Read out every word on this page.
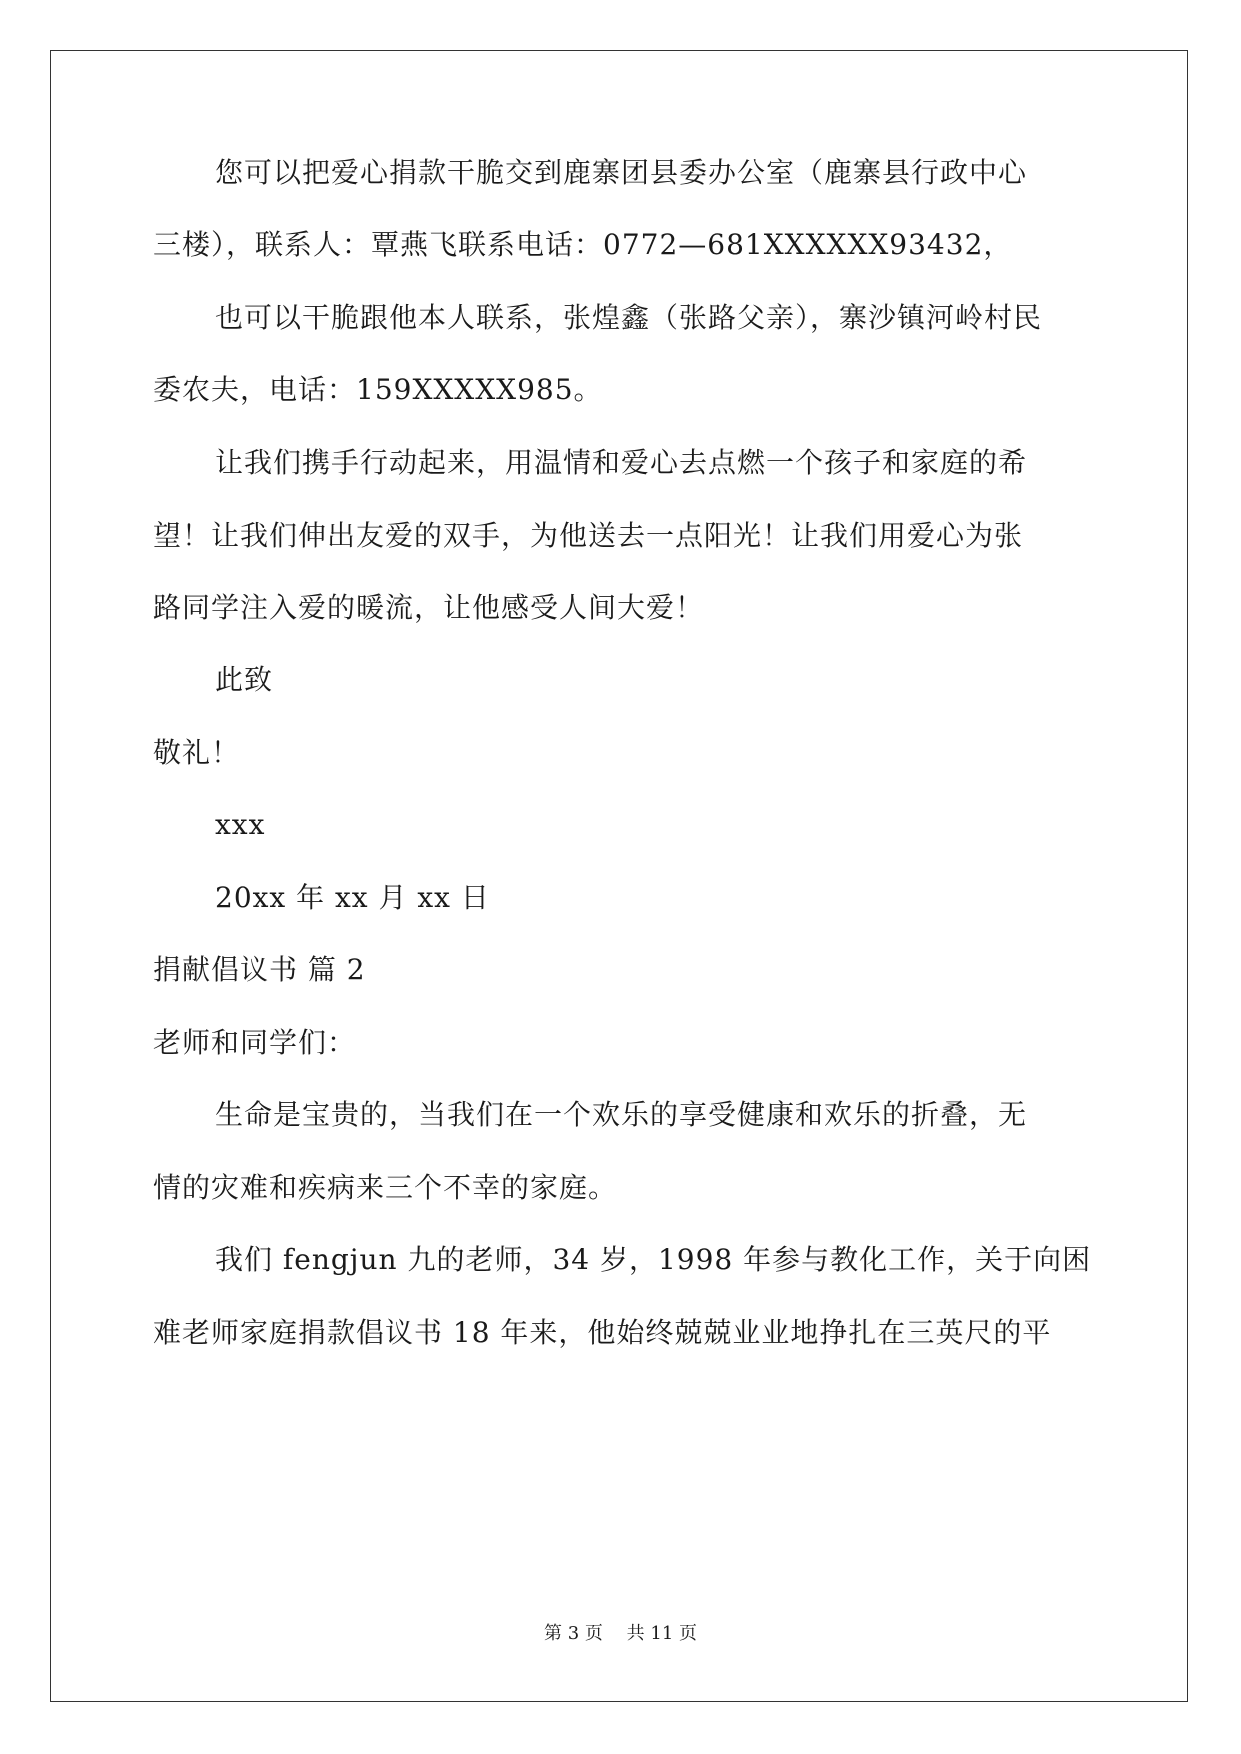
您可以把爱心捐款干脆交到鹿寨团县委办公室（鹿寨县行政中心
三楼），联系人：覃燕飞联系电话：0772—681XXXXXX93432，
也可以干脆跟他本人联系，张煌鑫（张路父亲），寨沙镇河岭村民
委农夫，电话：159XXXXX985。
让我们携手行动起来，用温情和爱心去点燃一个孩子和家庭的希
望！让我们伸出友爱的双手，为他送去一点阳光！让我们用爱心为张
路同学注入爱的暖流，让他感受人间大爱！
此致
敬礼！
xxx
20xx 年 xx 月 xx 日
捐献倡议书 篇 2
老师和同学们：
生命是宝贵的，当我们在一个欢乐的享受健康和欢乐的折叠，无
情的灾难和疾病来三个不幸的家庭。
我们 fengjun 九的老师，34 岁，1998 年参与教化工作，关于向困
难老师家庭捐款倡议书 18 年来，他始终兢兢业业地挣扎在三英尺的平
第 3 页 共 11 页
